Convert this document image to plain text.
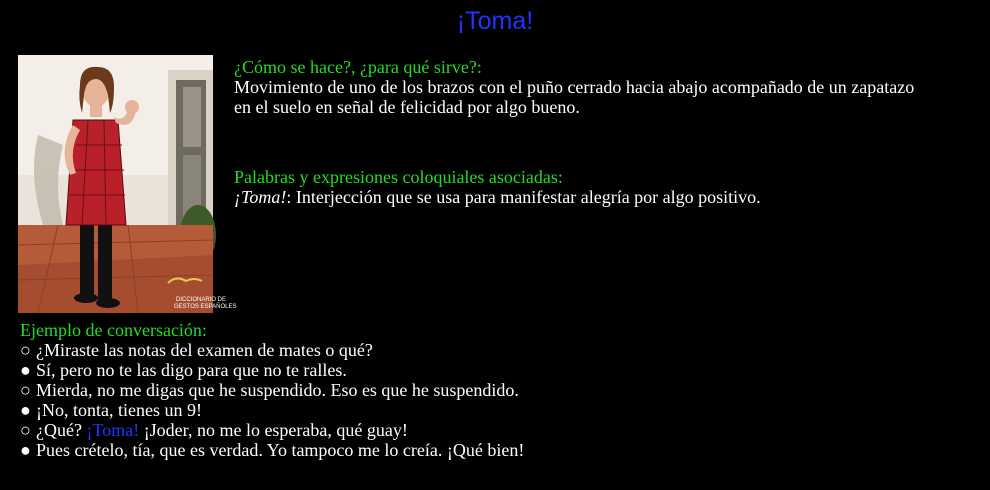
¡Toma!
DICCIONARIO DE
GESTOS ESPAÑOLES
¿Cómo se hace?, ¿para qué sirve?:
Movimiento de uno de los brazos con el puño cerrado hacia abajo acompañado de un zapatazo en el suelo en señal de felicidad por algo bueno.
Palabras y expresiones coloquiales asociadas:
¡Toma!: Interjección que se usa para manifestar alegría por algo positivo.
Ejemplo de conversación:
○ ¿Miraste las notas del examen de mates o qué?
● Sí, pero no te las digo para que no te ralles.
○ Mierda, no me digas que he suspendido. Eso es que he suspendido.
● ¡No, tonta, tienes un 9!
○ ¿Qué? ¡Toma! ¡Joder, no me lo esperaba, qué guay!
● Pues crételo, tía, que es verdad. Yo tampoco me lo creía. ¡Qué bien!
